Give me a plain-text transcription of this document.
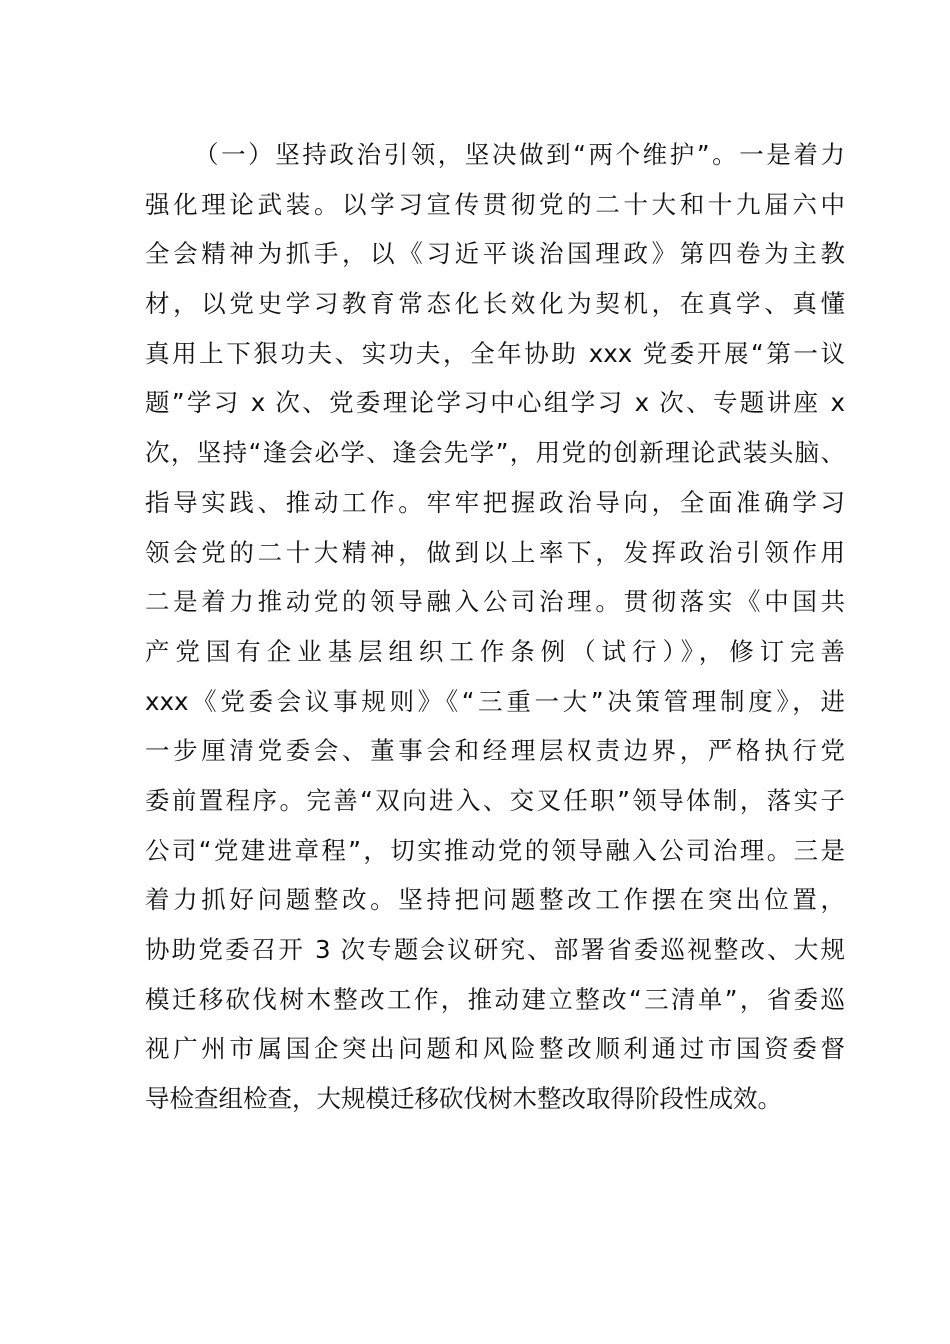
（一）坚持政治引领，坚决做到“两个维护”。一是着力
强化理论武装。以学习宣传贯彻党的二十大和十九届六中
全会精神为抓手，以《习近平谈治国理政》第四卷为主教
材，以党史学习教育常态化长效化为契机，在真学、真懂
真用上下狠功夫、实功夫，全年协助 xxx 党委开展“第一议
题”学习 x 次、党委理论学习中心组学习 x 次、专题讲座 x
次，坚持“逢会必学、逢会先学”，用党的创新理论武装头脑、
指导实践、推动工作。牢牢把握政治导向，全面准确学习
领会党的二十大精神，做到以上率下，发挥政治引领作用
二是着力推动党的领导融入公司治理。贯彻落实《中国共
产党国有企业基层组织工作条例（试行）》，修订完善
xxx《党委会议事规则》《“三重一大”决策管理制度》，进
一步厘清党委会、董事会和经理层权责边界，严格执行党
委前置程序。完善“双向进入、交叉任职”领导体制，落实子
公司“党建进章程”，切实推动党的领导融入公司治理。三是
着力抓好问题整改。坚持把问题整改工作摆在突出位置，
协助党委召开 3 次专题会议研究、部署省委巡视整改、大规
模迁移砍伐树木整改工作，推动建立整改“三清单”，省委巡
视广州市属国企突出问题和风险整改顺利通过市国资委督
导检查组检查，大规模迁移砍伐树木整改取得阶段性成效。
